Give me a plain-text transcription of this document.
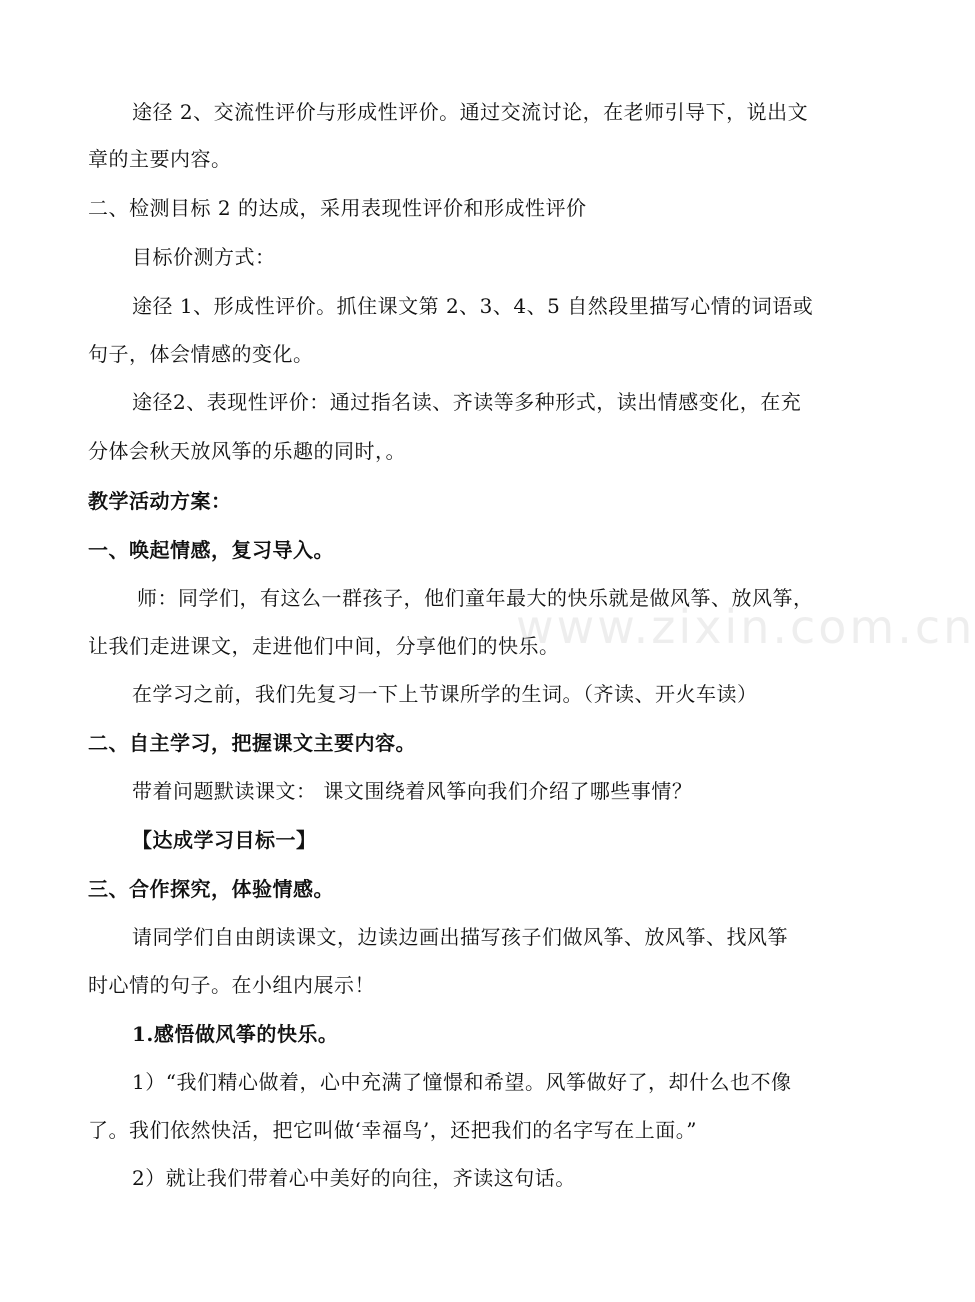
途径 2、交流性评价与形成性评价。通过交流讨论，在老师引导下，说出文
章的主要内容。
二、检测目标 2 的达成，采用表现性评价和形成性评价
目标价测方式：
途径 1、形成性评价。抓住课文第 2、3、4、5 自然段里描写心情的词语或
句子，体会情感的变化。
途径2、表现性评价：通过指名读、齐读等多种形式，读出情感变化，在充
分体会秋天放风筝的乐趣的同时，。
教学活动方案：
一、唤起情感，复习导入。
师：同学们，有这么一群孩子，他们童年最大的快乐就是做风筝、放风筝，
让我们走进课文，走进他们中间，分享他们的快乐。
在学习之前，我们先复习一下上节课所学的生词。（齐读、开火车读）
二、自主学习，把握课文主要内容。
带着问题默读课文： 课文围绕着风筝向我们介绍了哪些事情？
【达成学习目标一】
三、合作探究，体验情感。
请同学们自由朗读课文，边读边画出描写孩子们做风筝、放风筝、找风筝
时心情的句子。在小组内展示！
1.感悟做风筝的快乐。
1）“我们精心做着，心中充满了憧憬和希望。风筝做好了，却什么也不像
了。我们依然快活，把它叫做‘幸福鸟’，还把我们的名字写在上面。”
2）就让我们带着心中美好的向往，齐读这句话。
www.zixin.com.cn
